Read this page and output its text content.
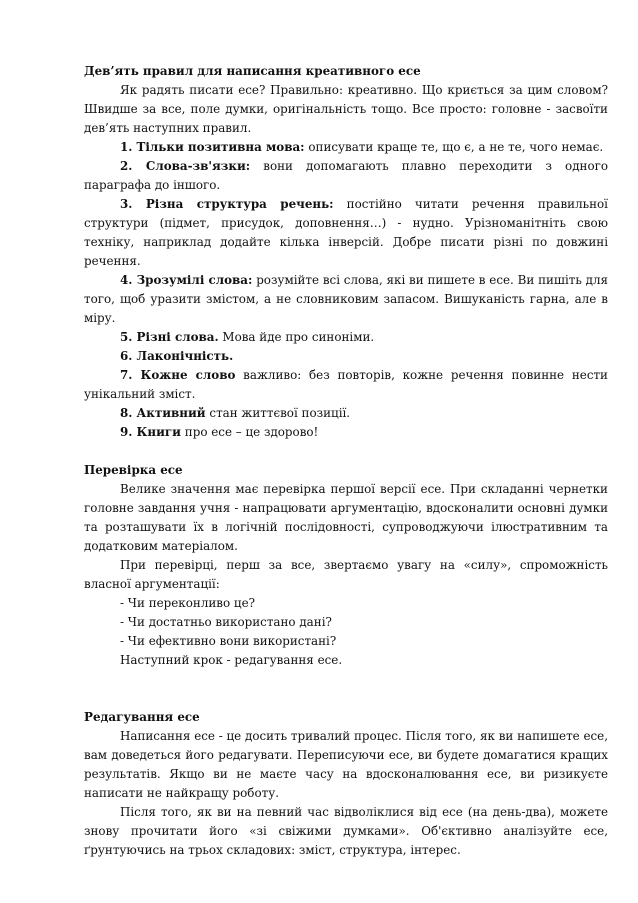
Дев’ять правил для написання креативного есе

Як радять писати есе? Правильно: креативно. Що криється за цим словом? Швидше за все, поле думки, оригінальність тощо. Все просто: головне - засвоїти дев’ять наступних правил.

1. Тільки позитивна мова: описувати краще те, що є, а не те, чого немає.

2. Слова-зв'язки: вони допомагають плавно переходити з одного параграфа до іншого.

3. Різна структура речень: постійно читати речення правильної структури (підмет, присудок, доповнення…) - нудно. Урізноманітніть свою техніку, наприклад додайте кілька інверсій. Добре писати різні по довжині речення.

4. Зрозумілі слова: розумійте всі слова, які ви пишете в есе. Ви пишіть для того, щоб уразити змістом, а не словниковим запасом. Вишуканість гарна, але в міру.

5. Різні слова. Мова йде про синоніми.

6. Лаконічність.

7. Кожне слово важливо: без повторів, кожне речення повинне нести унікальний зміст.

8. Активний стан життєвої позиції.

9. Книги про есе – це здорово!

Перевірка есе

Велике значення має перевірка першої версії есе. При складанні чернетки головне завдання учня - напрацювати аргументацію, вдосконалити основні думки та розташувати їх в логічній послідовності, супроводжуючи ілюстративним та додатковим матеріалом.

При перевірці, перш за все, звертаємо увагу на «силу», спроможність власної аргументації:

- Чи переконливо це?

- Чи достатньо використано дані?

- Чи ефективно вони використані?

Наступний крок - редагування есе.

Редагування есе

Написання есе - це досить тривалий процес. Після того, як ви напишете есе, вам доведеться його редагувати. Переписуючи есе, ви будете домагатися кращих результатів. Якщо ви не маєте часу на вдосконалювання есе, ви ризикуєте написати не найкращу роботу.

Після того, як ви на певний час відволіклися від есе (на день-два), можете знову прочитати його «зі свіжими думками». Об'єктивно аналізуйте есе, ґрунтуючись на трьох складових: зміст, структура, інтерес.
